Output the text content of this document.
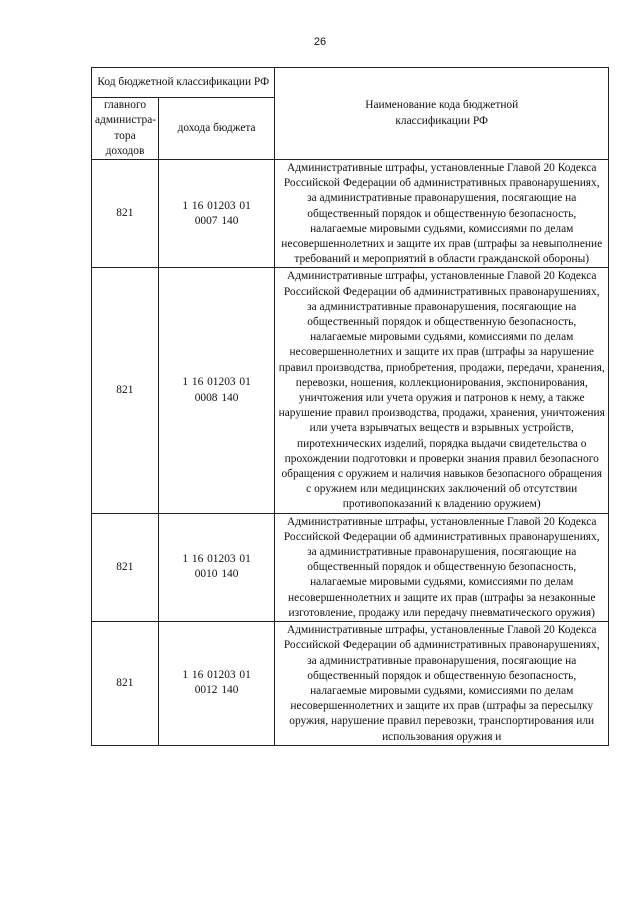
26
Код бюджетной классификации РФ		Наименование кода бюджетной классификации РФ

главного администра-тора доходов	дохода бюджета	
821	1 16 01203 01 0007 140	Административные штрафы, установленные Главой 20 Кодекса Российской Федерации об административных правонарушениях, за административные правонарушения, посягающие на общественный порядок и общественную безопасность, налагаемые мировыми судьями, комиссиями по делам несовершеннолетних и защите их прав (штрафы за невыполнение требований и мероприятий в области гражданской обороны)
821	1 16 01203 01 0008 140	Административные штрафы, установленные Главой 20 Кодекса Российской Федерации об административных правонарушениях, за административные правонарушения, посягающие на общественный порядок и общественную безопасность, налагаемые мировыми судьями, комиссиями по делам несовершеннолетних и защите их прав (штрафы за нарушение правил производства, приобретения, продажи, передачи, хранения, перевозки, ношения, коллекционирования, экспонирования, уничтожения или учета оружия и патронов к нему, а также нарушение правил производства, продажи, хранения, уничтожения или учета взрывчатых веществ и взрывных устройств, пиротехнических изделий, порядка выдачи свидетельства о прохождении подготовки и проверки знания правил безопасного обращения с оружием и наличия навыков безопасного обращения с оружием или медицинских заключений об отсутствии противопоказаний к владению оружием)
821	1 16 01203 01 0010 140	Административные штрафы, установленные Главой 20 Кодекса Российской Федерации об административных правонарушениях, за административные правонарушения, посягающие на общественный порядок и общественную безопасность, налагаемые мировыми судьями, комиссиями по делам несовершеннолетних и защите их прав (штрафы за незаконные изготовление, продажу или передачу пневматического оружия)
821	1 16 01203 01 0012 140	Административные штрафы, установленные Главой 20 Кодекса Российской Федерации об административных правонарушениях, за административные правонарушения, посягающие на общественный порядок и общественную безопасность, налагаемые мировыми судьями, комиссиями по делам несовершеннолетних и защите их прав (штрафы за пересылку оружия, нарушение правил перевозки, транспортирования или использования оружия и
